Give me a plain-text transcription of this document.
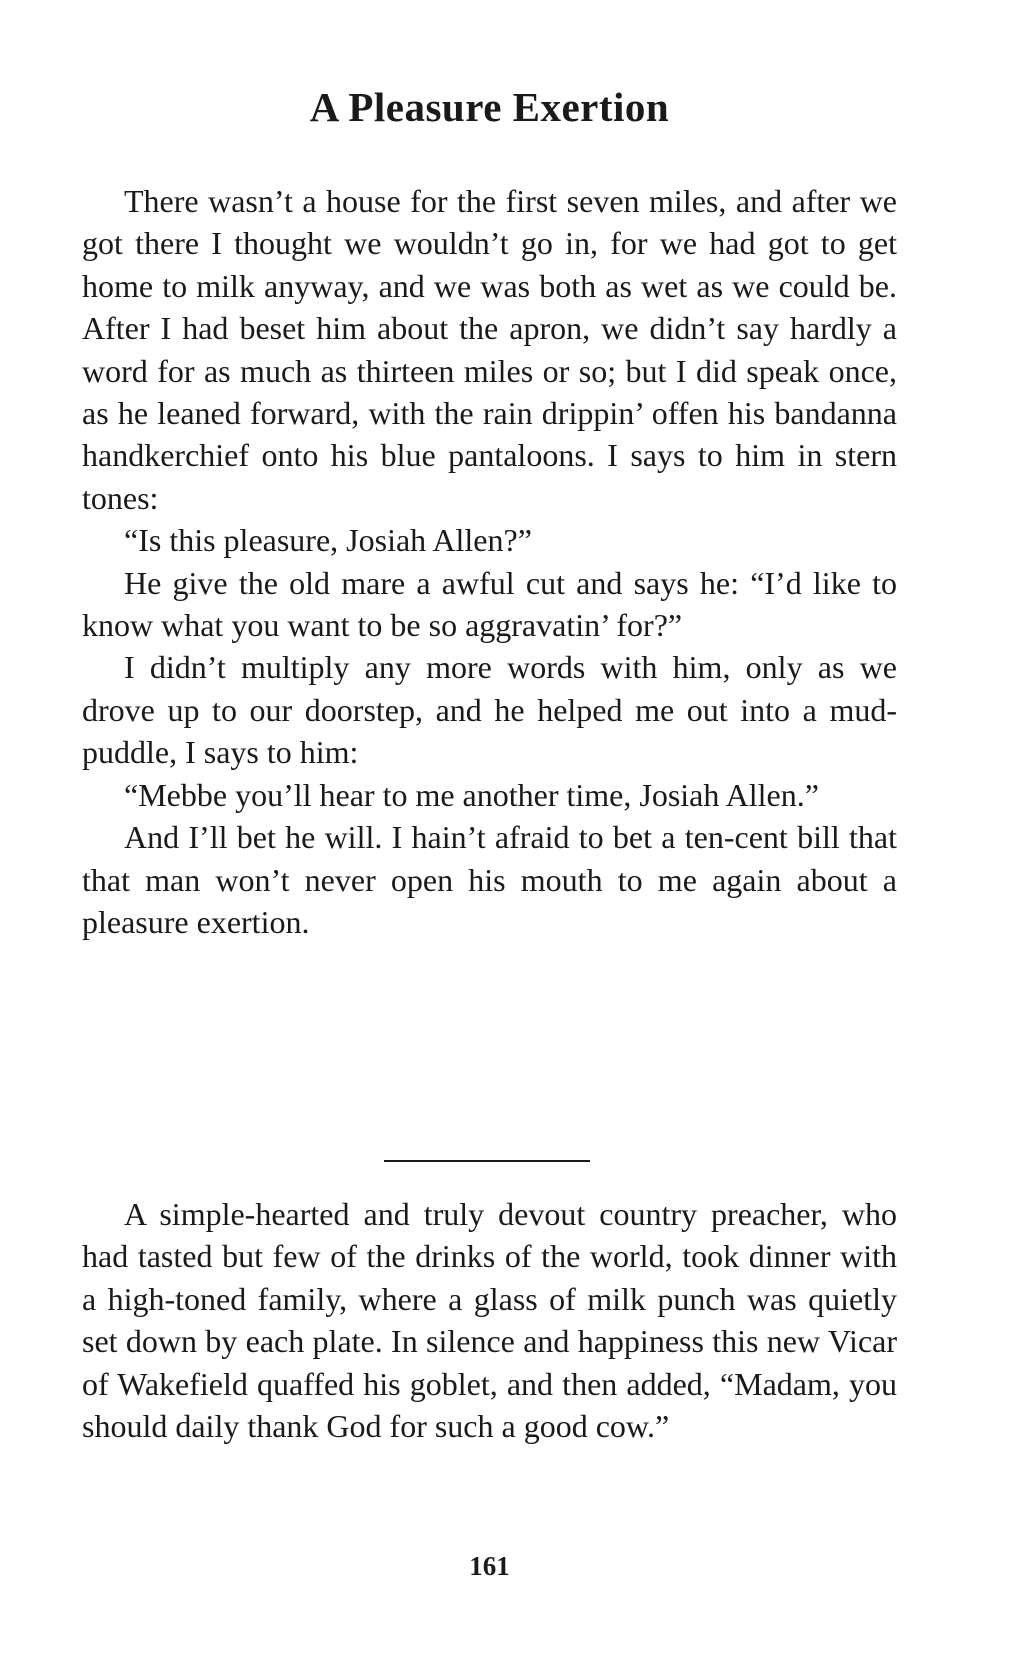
A Pleasure Exertion

There wasn’t a house for the first seven miles, and after we got there I thought we wouldn’t go in, for we had got to get home to milk anyway, and we was both as wet as we could be. After I had beset him about the apron, we didn’t say hardly a word for as much as thirteen miles or so; but I did speak once, as he leaned forward, with the rain drippin’ offen his bandanna handkerchief onto his blue pantaloons. I says to him in stern tones:

“Is this pleasure, Josiah Allen?”

He give the old mare a awful cut and says he: “I’d like to know what you want to be so aggravatin’ for?”

I didn’t multiply any more words with him, only as we drove up to our doorstep, and he helped me out into a mud-puddle, I says to him:

“Mebbe you’ll hear to me another time, Josiah Allen.”

And I’ll bet he will. I hain’t afraid to bet a ten-cent bill that that man won’t never open his mouth to me again about a pleasure exertion.

A simple-hearted and truly devout country preacher, who had tasted but few of the drinks of the world, took dinner with a high-toned family, where a glass of milk punch was quietly set down by each plate. In silence and happiness this new Vicar of Wakefield quaffed his goblet, and then added, “Madam, you should daily thank God for such a good cow.”

161
